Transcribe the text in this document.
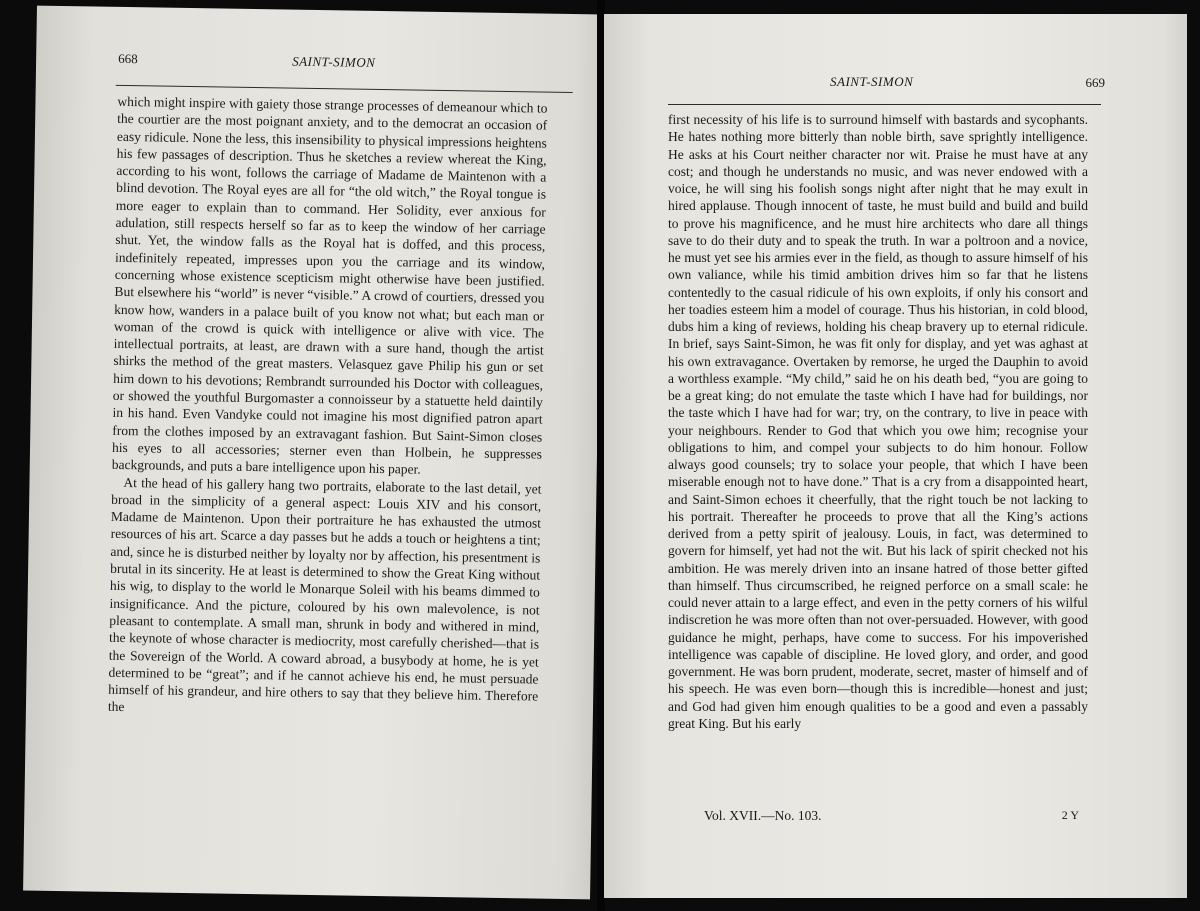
668	SAINT-SIMON

which might inspire with gaiety those strange processes of demeanour which to the courtier are the most poignant anxiety, and to the democrat an occasion of easy ridicule. None the less, this insensibility to physical impressions heightens his few passages of description. Thus he sketches a review whereat the King, according to his wont, follows the carriage of Madame de Maintenon with a blind devotion. The Royal eyes are all for “the old witch,” the Royal tongue is more eager to explain than to command. Her Solidity, ever anxious for adulation, still respects herself so far as to keep the window of her carriage shut. Yet, the window falls as the Royal hat is doffed, and this process, indefinitely repeated, impresses upon you the carriage and its window, concerning whose existence scepticism might otherwise have been justified. But elsewhere his “world” is never “visible.” A crowd of courtiers, dressed you know how, wanders in a palace built of you know not what; but each man or woman of the crowd is quick with intelligence or alive with vice. The intellectual portraits, at least, are drawn with a sure hand, though the artist shirks the method of the great masters. Velasquez gave Philip his gun or set him down to his devotions; Rembrandt surrounded his Doctor with colleagues, or showed the youthful Burgomaster a connoisseur by a statuette held daintily in his hand. Even Vandyke could not imagine his most dignified patron apart from the clothes imposed by an extravagant fashion. But Saint-Simon closes his eyes to all accessories; sterner even than Holbein, he suppresses backgrounds, and puts a bare intelligence upon his paper.

At the head of his gallery hang two portraits, elaborate to the last detail, yet broad in the simplicity of a general aspect: Louis XIV and his consort, Madame de Maintenon. Upon their portraiture he has exhausted the utmost resources of his art. Scarce a day passes but he adds a touch or heightens a tint; and, since he is disturbed neither by loyalty nor by affection, his presentment is brutal in its sincerity. He at least is determined to show the Great King without his wig, to display to the world le Monarque Soleil with his beams dimmed to insignificance. And the picture, coloured by his own malevolence, is not pleasant to contemplate. A small man, shrunk in body and withered in mind, the keynote of whose character is mediocrity, most carefully cherished—that is the Sovereign of the World. A coward abroad, a busybody at home, he is yet determined to be “great”; and if he cannot achieve his end, he must persuade himself of his grandeur, and hire others to say that they believe him. Therefore the

SAINT-SIMON	669

first necessity of his life is to surround himself with bastards and sycophants. He hates nothing more bitterly than noble birth, save sprightly intelligence. He asks at his Court neither character nor wit. Praise he must have at any cost; and though he understands no music, and was never endowed with a voice, he will sing his foolish songs night after night that he may exult in hired applause. Though innocent of taste, he must build and build and build to prove his magnificence, and he must hire architects who dare all things save to do their duty and to speak the truth. In war a poltroon and a novice, he must yet see his armies ever in the field, as though to assure himself of his own valiance, while his timid ambition drives him so far that he listens contentedly to the casual ridicule of his own exploits, if only his consort and her toadies esteem him a model of courage. Thus his historian, in cold blood, dubs him a king of reviews, holding his cheap bravery up to eternal ridicule. In brief, says Saint-Simon, he was fit only for display, and yet was aghast at his own extravagance. Overtaken by remorse, he urged the Dauphin to avoid a worthless example. “My child,” said he on his death bed, “you are going to be a great king; do not emulate the taste which I have had for buildings, nor the taste which I have had for war; try, on the contrary, to live in peace with your neighbours. Render to God that which you owe him; recognise your obligations to him, and compel your subjects to do him honour. Follow always good counsels; try to solace your people, that which I have been miserable enough not to have done.” That is a cry from a disappointed heart, and Saint-Simon echoes it cheerfully, that the right touch be not lacking to his portrait. Thereafter he proceeds to prove that all the King’s actions derived from a petty spirit of jealousy. Louis, in fact, was determined to govern for himself, yet had not the wit. But his lack of spirit checked not his ambition. He was merely driven into an insane hatred of those better gifted than himself. Thus circumscribed, he reigned perforce on a small scale: he could never attain to a large effect, and even in the petty corners of his wilful indiscretion he was more often than not over-persuaded. However, with good guidance he might, perhaps, have come to success. For his impoverished intelligence was capable of discipline. He loved glory, and order, and good government. He was born prudent, moderate, secret, master of himself and of his speech. He was even born—though this is incredible—honest and just; and God had given him enough qualities to be a good and even a passably great King. But his early

Vol. XVII.—No. 103.	2 Y
